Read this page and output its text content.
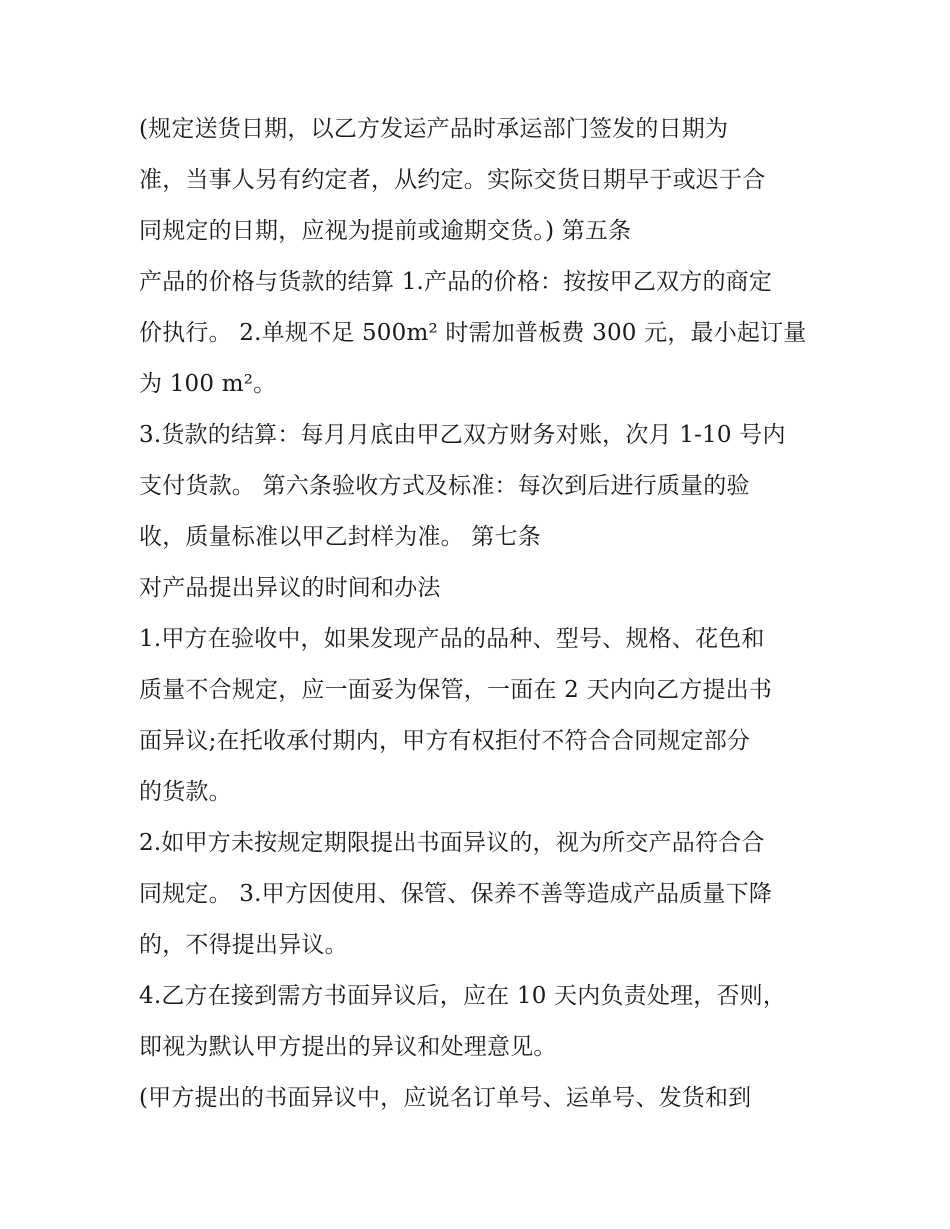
(规定送货日期，以乙方发运产品时承运部门签发的日期为
准，当事人另有约定者，从约定。实际交货日期早于或迟于合
同规定的日期，应视为提前或逾期交货。) 第五条
产品的价格与货款的结算 1.产品的价格：按按甲乙双方的商定
价执行。 2.单规不足 500m² 时需加普板费 300 元，最小起订量
为 100 m²。
3.货款的结算：每月月底由甲乙双方财务对账，次月 1-10 号内
支付货款。 第六条验收方式及标准：每次到后进行质量的验
收，质量标准以甲乙封样为准。 第七条
对产品提出异议的时间和办法
1.甲方在验收中，如果发现产品的品种、型号、规格、花色和
质量不合规定，应一面妥为保管，一面在 2 天内向乙方提出书
面异议;在托收承付期内，甲方有权拒付不符合合同规定部分
的货款。
2.如甲方未按规定期限提出书面异议的，视为所交产品符合合
同规定。 3.甲方因使用、保管、保养不善等造成产品质量下降
的，不得提出异议。
4.乙方在接到需方书面异议后，应在 10 天内负责处理，否则，
即视为默认甲方提出的异议和处理意见。
(甲方提出的书面异议中，应说名订单号、运单号、发货和到
